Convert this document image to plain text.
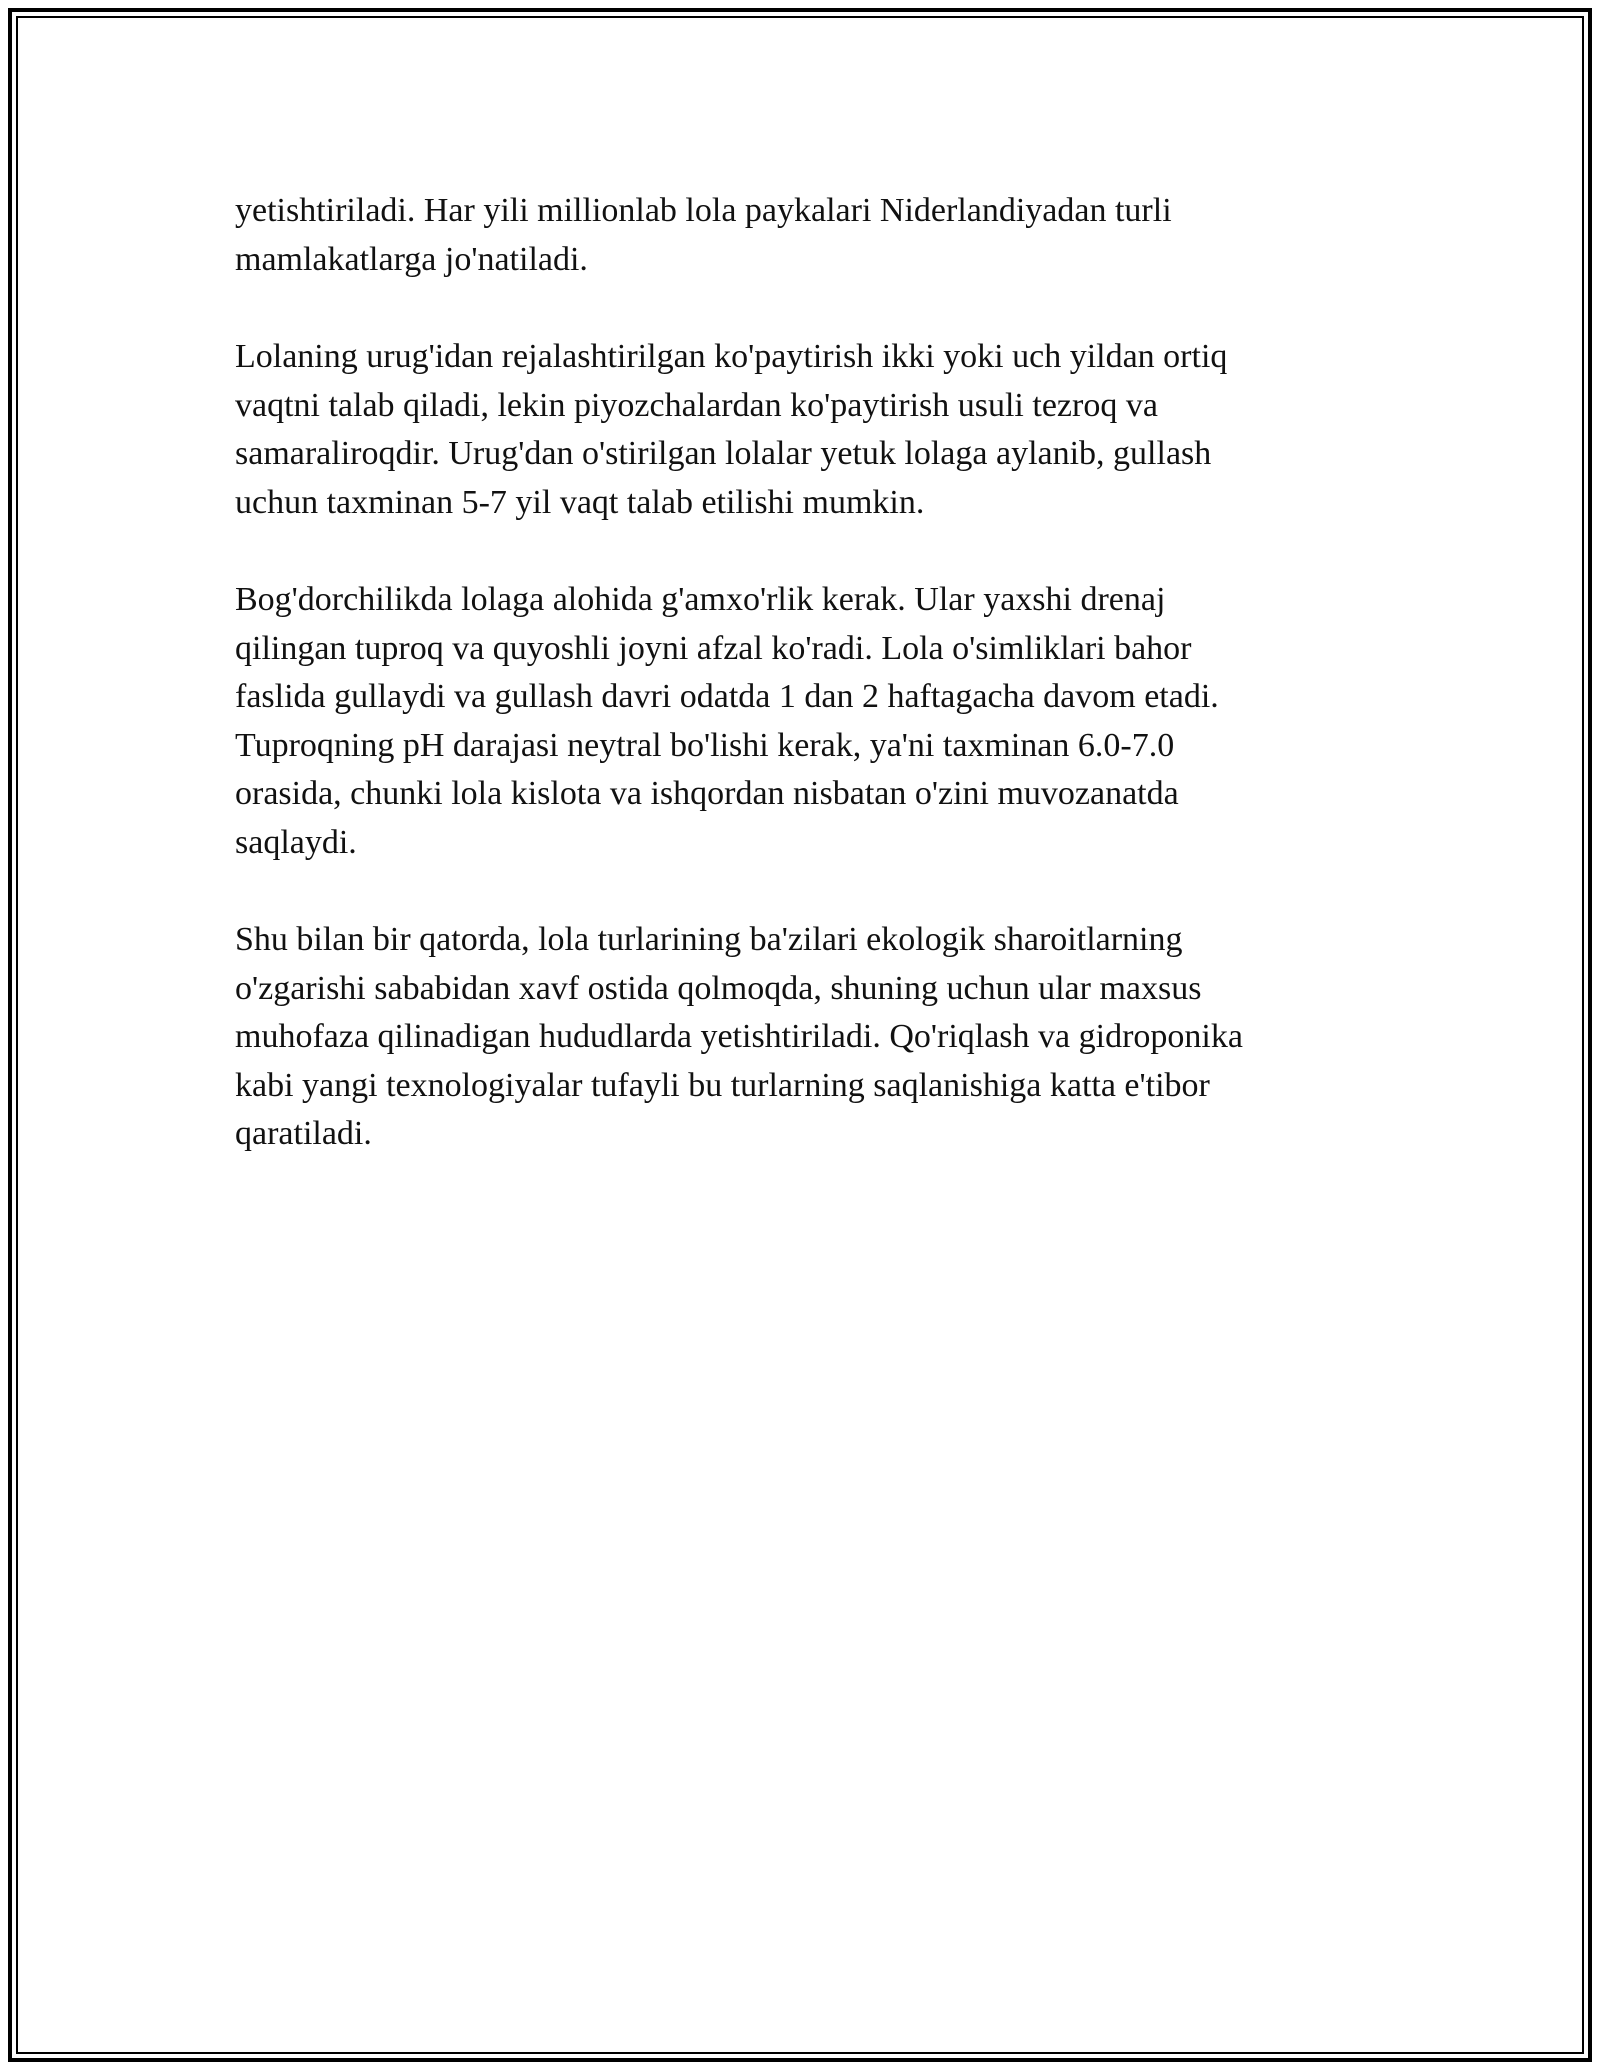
yetishtiriladi. Har yili millionlab lola paykalari Niderlandiyadan turli
mamlakatlarga jo'natiladi.

Lolaning urug'idan rejalashtirilgan ko'paytirish ikki yoki uch yildan ortiq
vaqtni talab qiladi, lekin piyozchalardan ko'paytirish usuli tezroq va
samaraliroqdir. Urug'dan o'stirilgan lolalar yetuk lolaga aylanib, gullash
uchun taxminan 5-7 yil vaqt talab etilishi mumkin.

Bog'dorchilikda lolaga alohida g'amxo'rlik kerak. Ular yaxshi drenaj
qilingan tuproq va quyoshli joyni afzal ko'radi. Lola o'simliklari bahor
faslida gullaydi va gullash davri odatda 1 dan 2 haftagacha davom etadi.
Tuproqning pH darajasi neytral bo'lishi kerak, ya'ni taxminan 6.0-7.0
orasida, chunki lola kislota va ishqordan nisbatan o'zini muvozanatda
saqlaydi.

Shu bilan bir qatorda, lola turlarining ba'zilari ekologik sharoitlarning
o'zgarishi sababidan xavf ostida qolmoqda, shuning uchun ular maxsus
muhofaza qilinadigan hududlarda yetishtiriladi. Qo'riqlash va gidroponika
kabi yangi texnologiyalar tufayli bu turlarning saqlanishiga katta e'tibor
qaratiladi.
